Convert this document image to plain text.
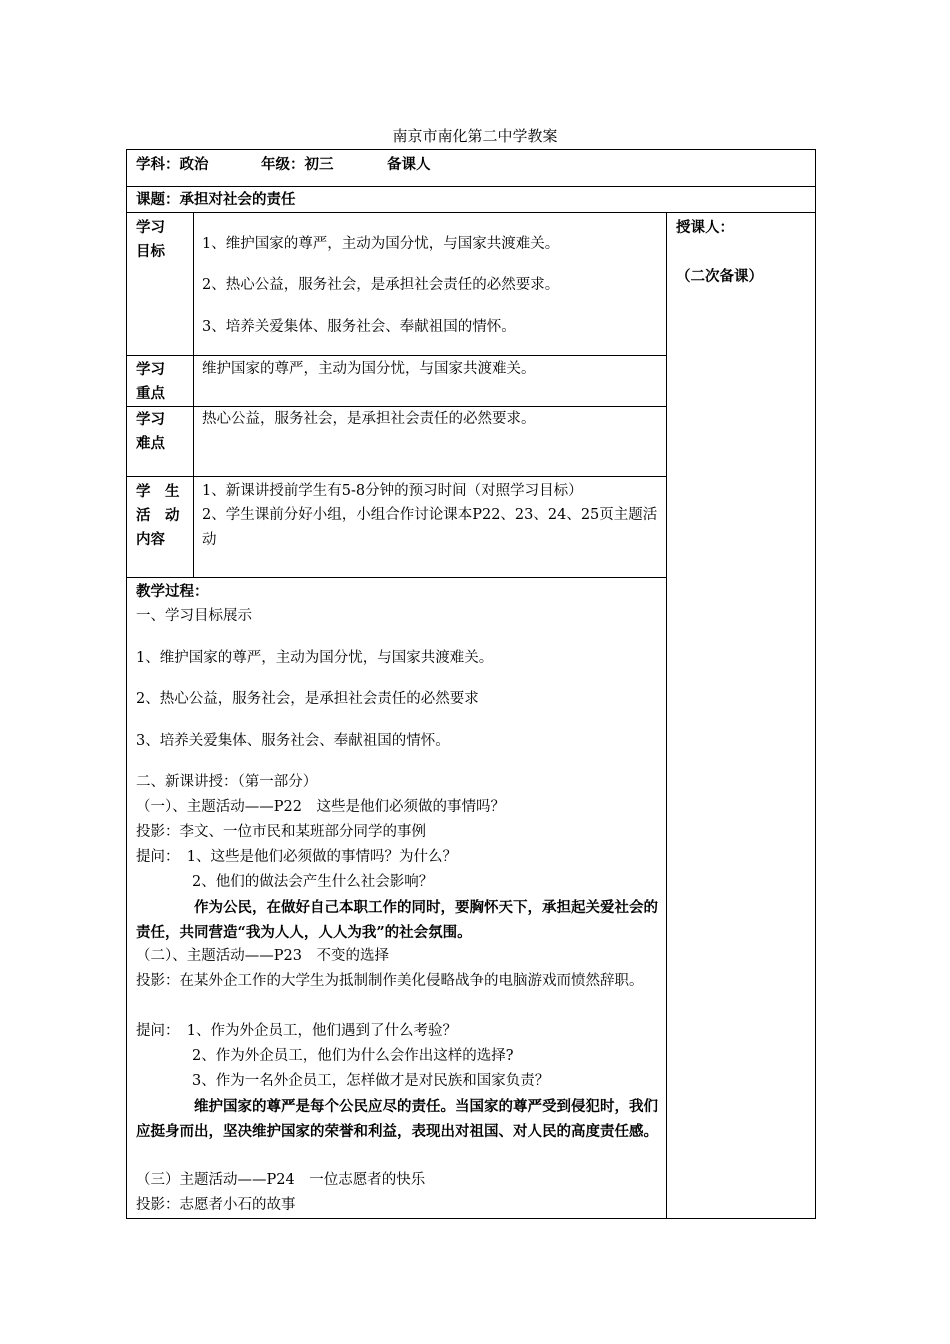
南京市南化第二中学教案
学科：政治	年级：初三	备课人
课题：承担对社会的责任
授课人：
（二次备课）
学习
目标
学习
重点
学习
难点
学　生
活　动
内容
1、维护国家的尊严，主动为国分忧，与国家共渡难关。
2、热心公益，服务社会，是承担社会责任的必然要求。
3、培养关爱集体、服务社会、奉献祖国的情怀。
维护国家的尊严，主动为国分忧，与国家共渡难关。
热心公益，服务社会，是承担社会责任的必然要求。
1、新课讲授前学生有5-8分钟的预习时间（对照学习目标）
2、学生课前分好小组，小组合作讨论课本P22、23、24、25页主题活动
教学过程：
一、学习目标展示
1、维护国家的尊严，主动为国分忧，与国家共渡难关。
2、热心公益，服务社会，是承担社会责任的必然要求
3、培养关爱集体、服务社会、奉献祖国的情怀。
二、新课讲授：（第一部分）
（一）、主题活动——P22　这些是他们必须做的事情吗？
投影：李文、一位市民和某班部分同学的事例
提问：　1、这些是他们必须做的事情吗？为什么？
2、他们的做法会产生什么社会影响？
　　　　作为公民，在做好自己本职工作的同时，要胸怀天下，承担起关爱社会的责任，共同营造“我为人人，人人为我”的社会氛围。
（二）、主题活动——P23　不变的选择
投影：在某外企工作的大学生为抵制制作美化侵略战争的电脑游戏而愤然辞职。
提问：　1、作为外企员工，他们遇到了什么考验？
2、作为外企员工，他们为什么会作出这样的选择?
3、作为一名外企员工，怎样做才是对民族和国家负责？
　　　　维护国家的尊严是每个公民应尽的责任。当国家的尊严受到侵犯时，我们应挺身而出，坚决维护国家的荣誉和利益，表现出对祖国、对人民的高度责任感。
（三）主题活动——P24　一位志愿者的快乐
投影：志愿者小石的故事
